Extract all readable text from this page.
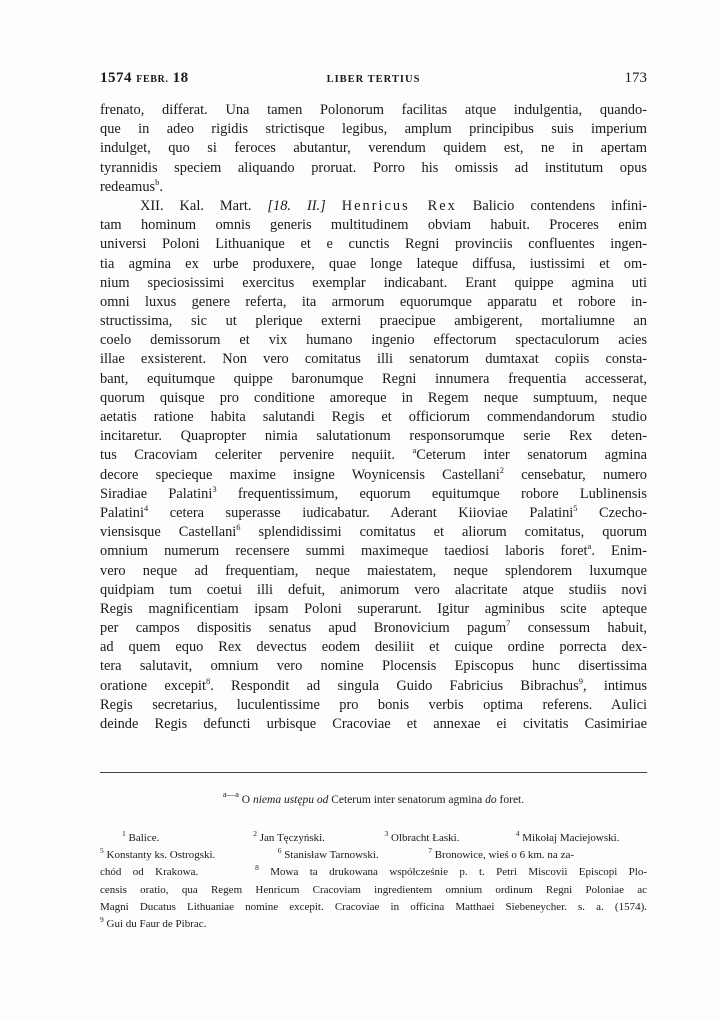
1574 FEBR. 18	LIBER TERTIUS	173
frenato, differat. Una tamen Polonorum facilitas atque indulgentia, quando-
que in adeo rigidis strictisque legibus, amplum principibus suis imperium
indulget, quo si feroces abutantur, verendum quidem est, ne in apertam
tyrannidis speciem aliquando proruat. Porro his omissis ad institutum opus
redeamus$^b$.
XII. Kal. Mart. [18. II.] Henricus Rex Balicio contendens infini-
tam hominum omnis generis multitudinem obviam habuit. Proceres enim
universi Poloni Lithuanique et e cunctis Regni provinciis confluentes ingen-
tia agmina ex urbe produxere, quae longe lateque diffusa, iustissimi et om-
nium speciosissimi exercitus exemplar indicabant. Erant quippe agmina uti
omni luxus genere referta, ita armorum equorumque apparatu et robore in-
structissima, sic ut plerique externi praecipue ambigerent, mortaliumne an
coelo demissorum et vix humano ingenio effectorum spectaculorum acies
illae exsisterent. Non vero comitatus illi senatorum dumtaxat copiis consta-
bant, equitumque quippe baronumque Regni innumera frequentia accesserat,
quorum quisque pro conditione amoreque in Regem neque sumptuum, neque
aetatis ratione habita salutandi Regis et officiorum commendandorum studio
incitaretur. Quapropter nimia salutationum responsorumque serie Rex deten-
tus Cracoviam celeriter pervenire nequiit. $^a$Ceterum inter senatorum agmina
decore specieque maxime insigne Woynicensis Castellani$^2$ censebatur, numero
Siradiae Palatini$^3$ frequentissimum, equorum equitumque robore Lublinensis
Palatini$^4$ cetera superasse iudicabatur. Aderant Kiioviae Palatini$^5$ Czecho-
viensisque Castellani$^6$ splendidissimi comitatus et aliorum comitatus, quorum
omnium numerum recensere summi maximeque taediosi laboris foret$^a$. Enim-
vero neque ad frequentiam, neque maiestatem, neque splendorem luxumque
quidpiam tum coetui illi defuit, animorum vero alacritate atque studiis novi
Regis magnificentiam ipsam Poloni superarunt. Igitur agminibus scite apteque
per campos dispositis senatus apud Bronovicium pagum$^7$ consessum habuit,
ad quem equo Rex devectus eodem desiliit et cuique ordine porrecta dex-
tera salutavit, omnium vero nomine Plocensis Episcopus hunc disertissima
oratione excepit$^8$. Respondit ad singula Guido Fabricius Bibrachus$^9$, intimus
Regis secretarius, luculentissime pro bonis verbis optima referens. Aulici
deinde Regis defuncti urbisque Cracoviae et annexae ei civitatis Casimiriae
$^{a—a}$ O niema ustępu od Ceterum inter senatorum agmina do foret.
$^1$ Balice.	$^2$ Jan Tęczyński.	$^3$ Olbracht Łaski.	$^4$ Mikołaj Maciejowski.
$^5$ Konstanty ks. Ostrogski.	$^6$ Stanisław Tarnowski.	$^7$ Bronowice, wieś o 6 km. na za-
chód od Krakowa.	$^8$ Mowa ta drukowana współcześnie p. t. Petri Miscovii Episcopi Plo-
censis oratio, qua Regem Henricum Cracoviam ingredientem omnium ordinum Regni Poloniae ac
Magni Ducatus Lithuaniae nomine excepit. Cracoviae in officina Matthaei Siebeneycher. s. a. (1574).
$^9$ Gui du Faur de Pibrac.
